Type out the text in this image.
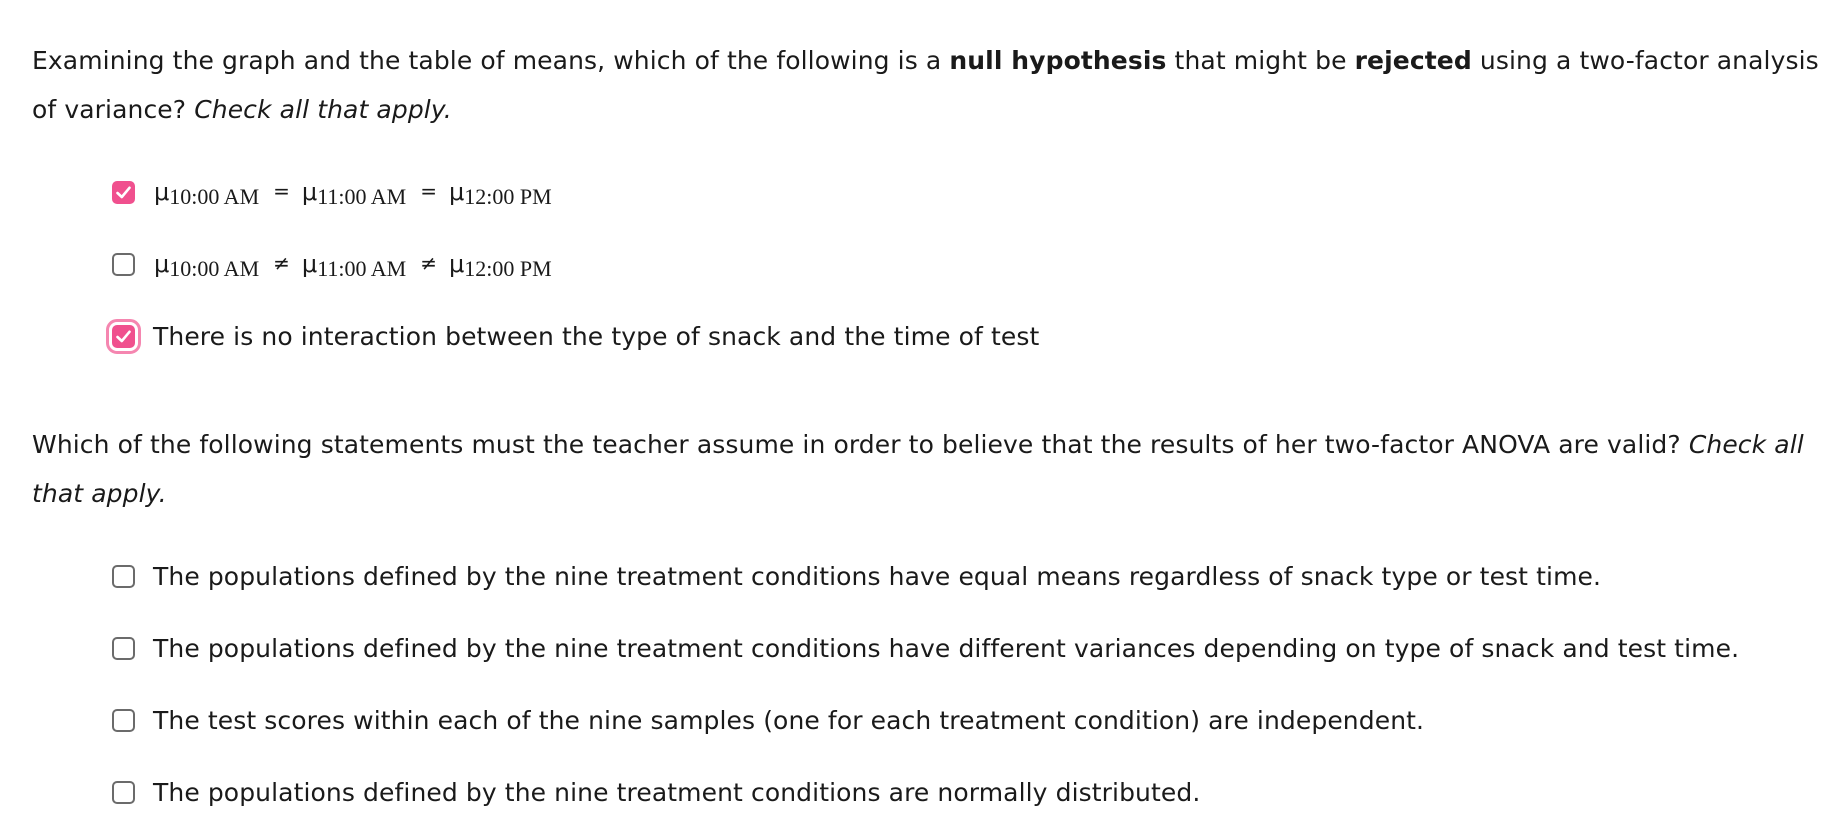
Examining the graph and the table of means, which of the following is a null hypothesis that might be rejected using a two-factor analysis of variance? Check all that apply.
μ 10:00 AM = μ 11:00 AM = μ 12:00 PM
μ 10:00 AM ≠ μ 11:00 AM ≠ μ 12:00 PM
There is no interaction between the type of snack and the time of test
Which of the following statements must the teacher assume in order to believe that the results of her two-factor ANOVA are valid? Check all that apply.
The populations defined by the nine treatment conditions have equal means regardless of snack type or test time.
The populations defined by the nine treatment conditions have different variances depending on type of snack and test time.
The test scores within each of the nine samples (one for each treatment condition) are independent.
The populations defined by the nine treatment conditions are normally distributed.
